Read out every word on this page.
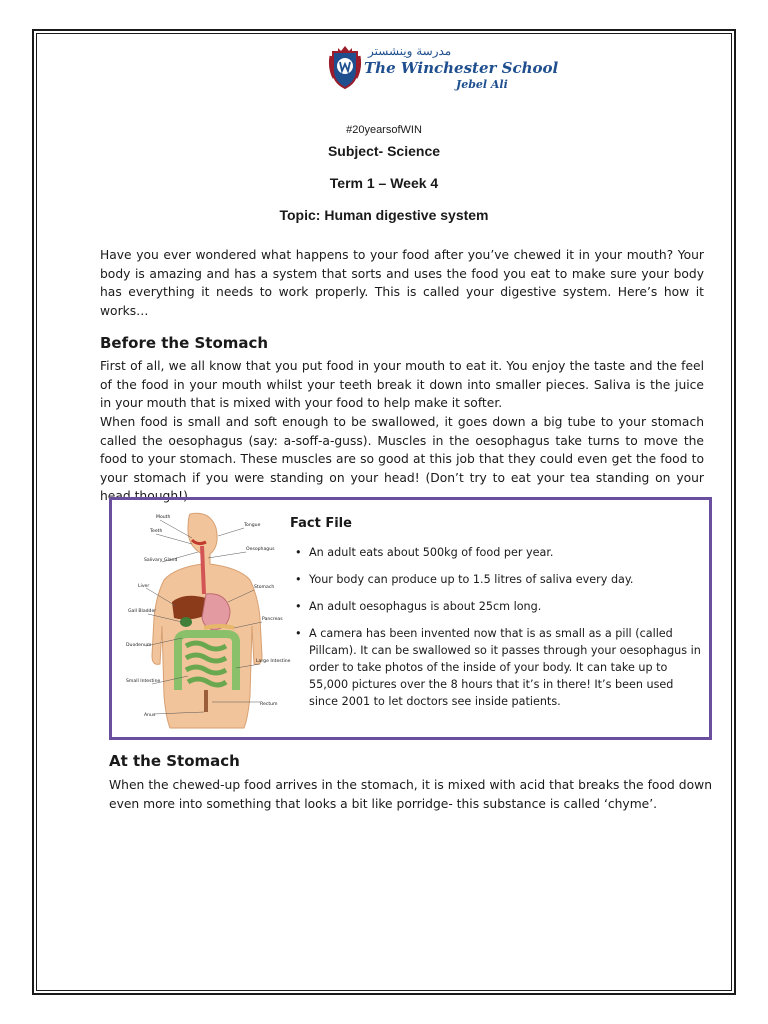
مدرسة وينشستر
The Winchester School
Jebel Ali
#20yearsofWIN
Subject- Science
Term 1 – Week 4
Topic: Human digestive system

Have you ever wondered what happens to your food after you’ve chewed it in your mouth? Your body is amazing and has a system that sorts and uses the food you eat to make sure your body has everything it needs to work properly. This is called your digestive system. Here’s how it works…

Before the Stomach

First of all, we all know that you put food in your mouth to eat it. You enjoy the taste and the feel of the food in your mouth whilst your teeth break it down into smaller pieces. Saliva is the juice in your mouth that is mixed with your food to help make it softer.

When food is small and soft enough to be swallowed, it goes down a big tube to your stomach called the oesophagus (say: a-soff-a-guss). Muscles in the oesophagus take turns to move the food to your stomach. These muscles are so good at this job that they could even get the food to your stomach if you were standing on your head! (Don’t try to eat your tea standing on your head though!)

Mouth
Tongue
Teeth
Oesophagus
Salivary Gland
Liver	Stomach
Gall Bladder
Pancreas
Duodenum
Large Intestine
Small Intestine
Anus
Rectum
Fact File
• An adult eats about 500kg of food per year.
• Your body can produce up to 1.5 litres of saliva every day.
• An adult oesophagus is about 25cm long.
• A camera has been invented now that is as small as a pill (called Pillcam). It can be swallowed so it passes through your oesophagus in order to take photos of the inside of your body. It can take up to 55,000 pictures over the 8 hours that it’s in there! It’s been used since 2001 to let doctors see inside patients.
At the Stomach

When the chewed-up food arrives in the stomach, it is mixed with acid that breaks the food down even more into something that looks a bit like porridge- this substance is called ‘chyme’.
